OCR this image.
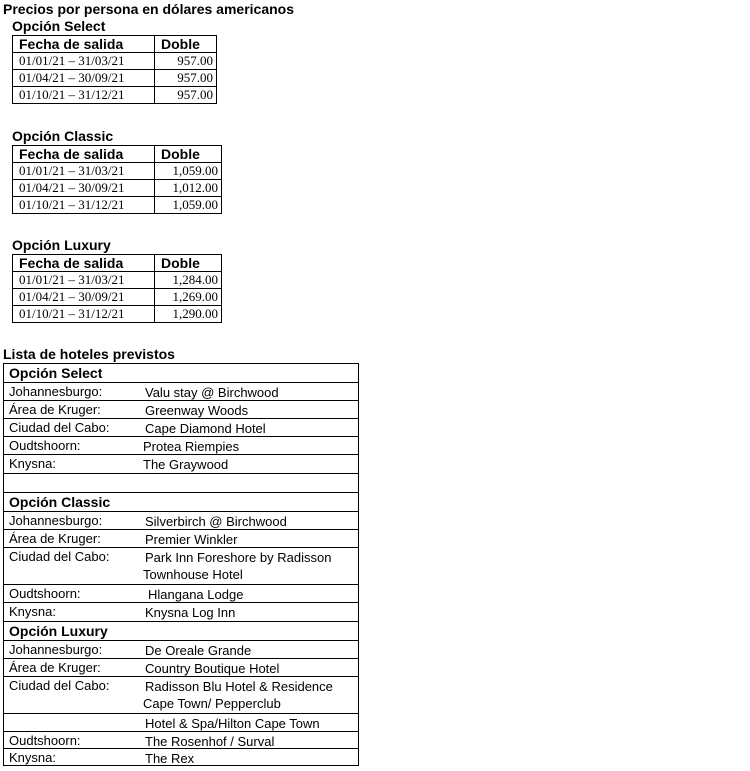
Precios por persona en dólares americanos
Opción Select
Fecha de salida	Doble
01/01/21 – 31/03/21	957.00
01/04/21 – 30/09/21	957.00
01/10/21 – 31/12/21	957.00
Opción Classic
Fecha de salida	Doble
01/01/21 – 31/03/21	1,059.00
01/04/21 – 30/09/21	1,012.00
01/10/21 – 31/12/21	1,059.00
Opción Luxury
Fecha de salida	Doble
01/01/21 – 31/03/21	1,284.00
01/04/21 – 30/09/21	1,269.00
01/10/21 – 31/12/21	1,290.00
Lista de hoteles previstos
Opción Select
Johannesburgo:	Valu stay @ Birchwood
Área de Kruger:	Greenway Woods
Ciudad del Cabo:	Cape Diamond Hotel
Oudtshoorn:	Protea Riempies
Knysna:	The Graywood
Opción Classic
Johannesburgo:	Silverbirch @ Birchwood
Área de Kruger:	Premier Winkler
Ciudad del Cabo:	Park Inn Foreshore by Radisson
Townhouse Hotel
Oudtshoorn:	Hlangana Lodge
Knysna:	Knysna Log Inn
Opción Luxury
Johannesburgo:	De Oreale Grande
Área de Kruger:	Country Boutique Hotel
Ciudad del Cabo:	Radisson Blu Hotel & Residence
Cape Town/ Pepperclub
Hotel & Spa/Hilton Cape Town
Oudtshoorn:	The Rosenhof / Surval
Knysna:	The Rex
